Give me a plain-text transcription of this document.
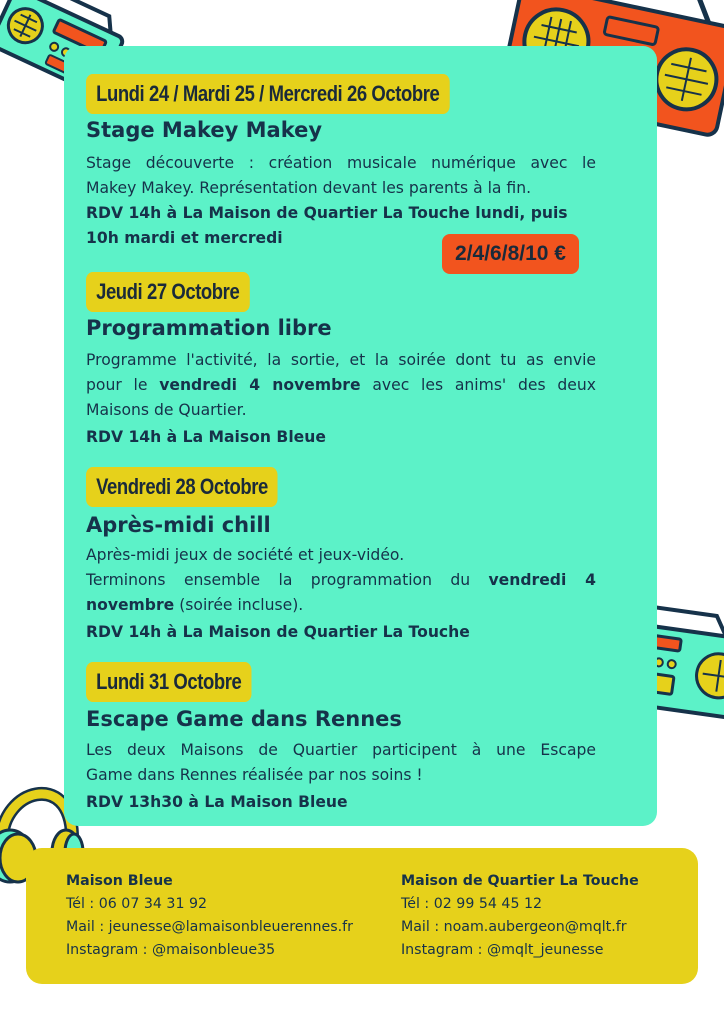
Lundi 24 / Mardi 25 / Mercredi 26 Octobre
Stage Makey Makey
Stage découverte : création musicale numérique avec le
Makey Makey. Représentation devant les parents à la fin.
RDV 14h à La Maison de Quartier La Touche lundi, puis
10h mardi et mercredi
2/4/6/8/10 €
Jeudi 27 Octobre
Programmation libre
Programme l'activité, la sortie, et la soirée dont tu as envie
pour le vendredi 4 novembre avec les anims' des deux
Maisons de Quartier.
RDV 14h à La Maison Bleue
Vendredi 28 Octobre
Après-midi chill
Après-midi jeux de société et jeux-vidéo.
Terminons ensemble la programmation du vendredi 4
novembre (soirée incluse).
RDV 14h à La Maison de Quartier La Touche
Lundi 31 Octobre
Escape Game dans Rennes
Les deux Maisons de Quartier participent à une Escape
Game dans Rennes réalisée par nos soins !
RDV 13h30 à La Maison Bleue
Maison Bleue
Tél : 06 07 34 31 92
Mail : jeunesse@lamaisonbleuerennes.fr
Instagram : @maisonbleue35
Maison de Quartier La Touche
Tél : 02 99 54 45 12
Mail : noam.aubergeon@mqlt.fr
Instagram : @mqlt_jeunesse
